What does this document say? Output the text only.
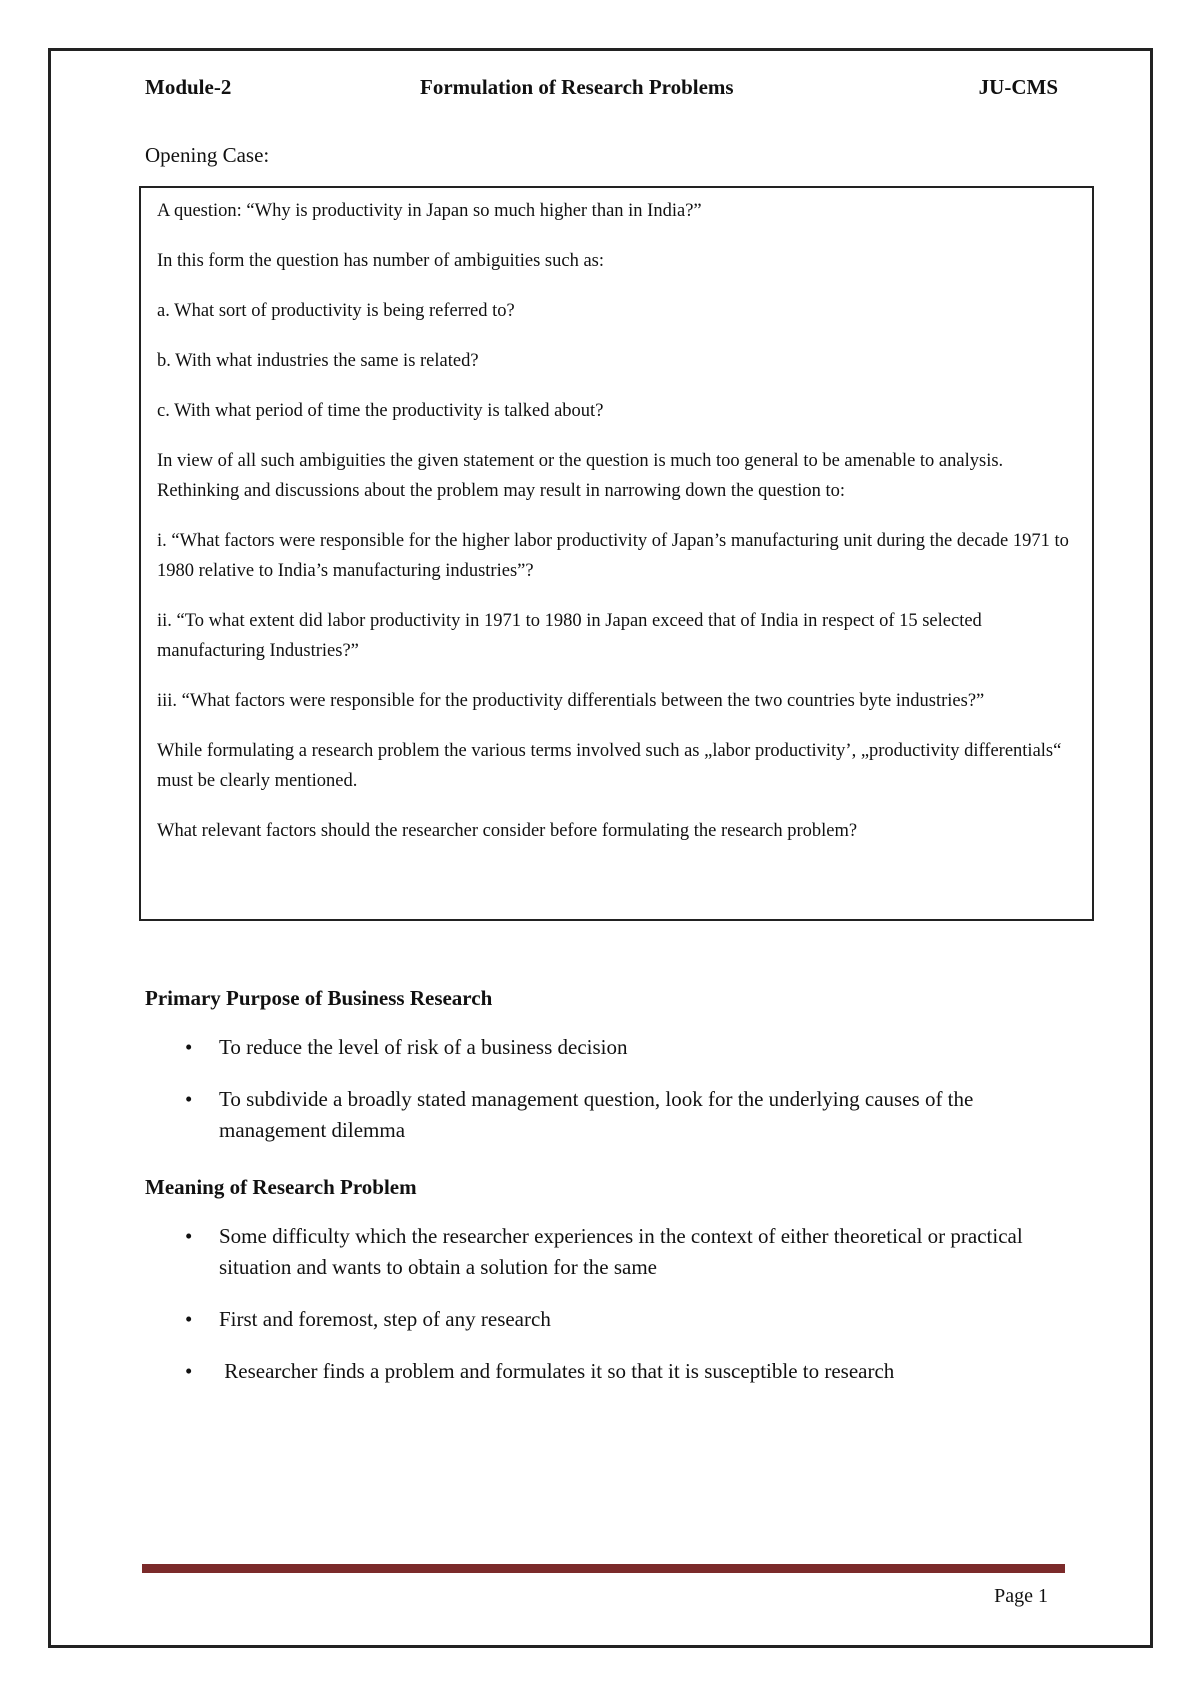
Module-2	Formulation of Research Problems	JU-CMS
Opening Case:

A question: “Why is productivity in Japan so much higher than in India?”

In this form the question has number of ambiguities such as:

a. What sort of productivity is being referred to?

b. With what industries the same is related?

c. With what period of time the productivity is talked about?

In view of all such ambiguities the given statement or the question is much too general to be amenable to analysis. Rethinking and discussions about the problem may result in narrowing down the question to:

i. “What factors were responsible for the higher labor productivity of Japan’s manufacturing unit during the decade 1971 to 1980 relative to India’s manufacturing industries”?

ii. “To what extent did labor productivity in 1971 to 1980 in Japan exceed that of India in respect of 15 selected manufacturing Industries?”

iii. “What factors were responsible for the productivity differentials between the two countries byte industries?”

While formulating a research problem the various terms involved such as „labor productivity’, „productivity differentials“ must be clearly mentioned.

What relevant factors should the researcher consider before formulating the research problem?

Primary Purpose of Business Research
• To reduce the level of risk of a business decision
• To subdivide a broadly stated management question, look for the underlying causes of the management dilemma
Meaning of Research Problem
• Some difficulty which the researcher experiences in the context of either theoretical or practical situation and wants to obtain a solution for the same
• First and foremost, step of any research
• Researcher finds a problem and formulates it so that it is susceptible to research
Page 1
